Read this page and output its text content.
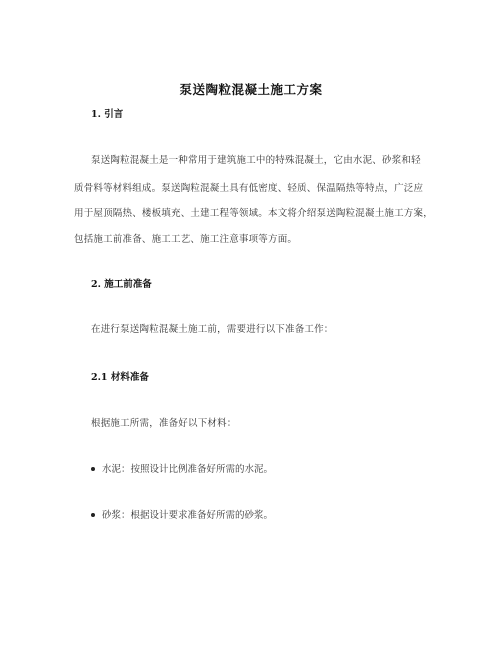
泵送陶粒混凝土施工方案
1. 引言
泵送陶粒混凝土是一种常用于建筑施工中的特殊混凝土，它由水泥、砂浆和轻
质骨料等材料组成。泵送陶粒混凝土具有低密度、轻质、保温隔热等特点，广泛应
用于屋顶隔热、楼板填充、土建工程等领域。本文将介绍泵送陶粒混凝土施工方案，
包括施工前准备、施工工艺、施工注意事项等方面。
2. 施工前准备
在进行泵送陶粒混凝土施工前，需要进行以下准备工作：
2.1 材料准备
根据施工所需，准备好以下材料：
水泥：按照设计比例准备好所需的水泥。
砂浆：根据设计要求准备好所需的砂浆。
